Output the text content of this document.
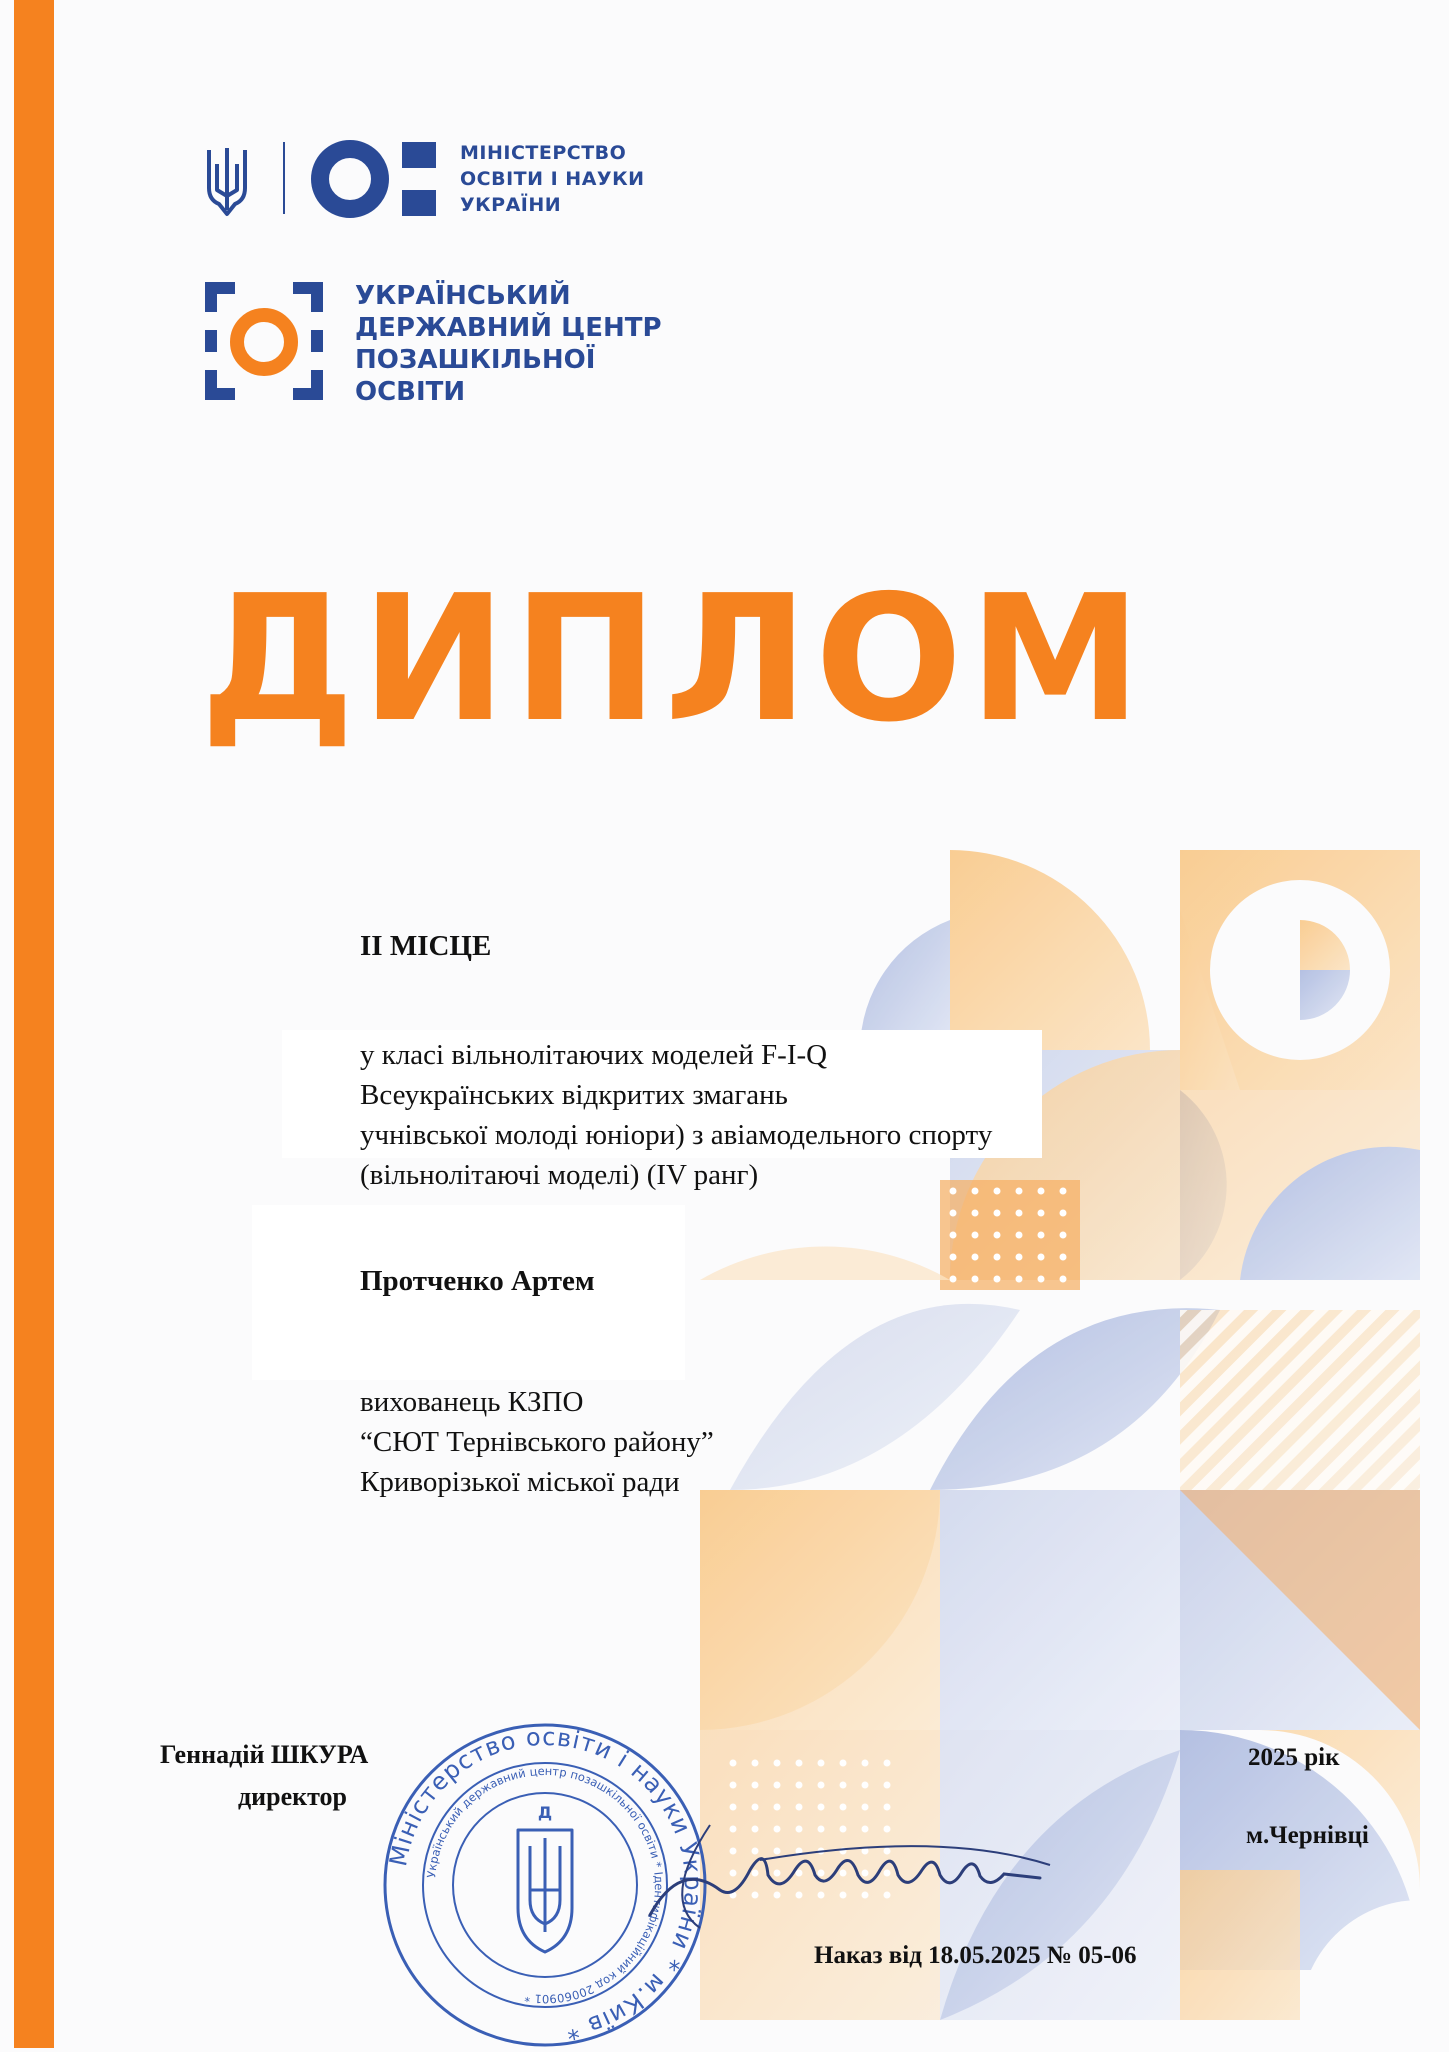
МІНІСТЕРСТВО
ОСВІТИ І НАУКИ
УКРАЇНИ
УКРАЇНСЬКИЙ
ДЕРЖАВНИЙ ЦЕНТР
ПОЗАШКІЛЬНОЇ
ОСВІТИ
ДИПЛОМ
II МІСЦЕ
у класі вільнолітаючих моделей F-I-Q
Всеукраїнських відкритих змагань
учнівської молоді юніори) з авіамодельного спорту
(вільнолітаючі моделі) (IV ранг)
Протченко Артем
вихованець КЗПО
“СЮТ Тернівського району”
Криворізької міської ради
Міністерство освіти і науки України * м.Київ *
Український державний центр позашкільної освіти * Ідентифікаційний код 20060901 *
Д
Геннадій ШКУРА
директор
2025 рік
м.Чернівці
Наказ від 18.05.2025 № 05-06
